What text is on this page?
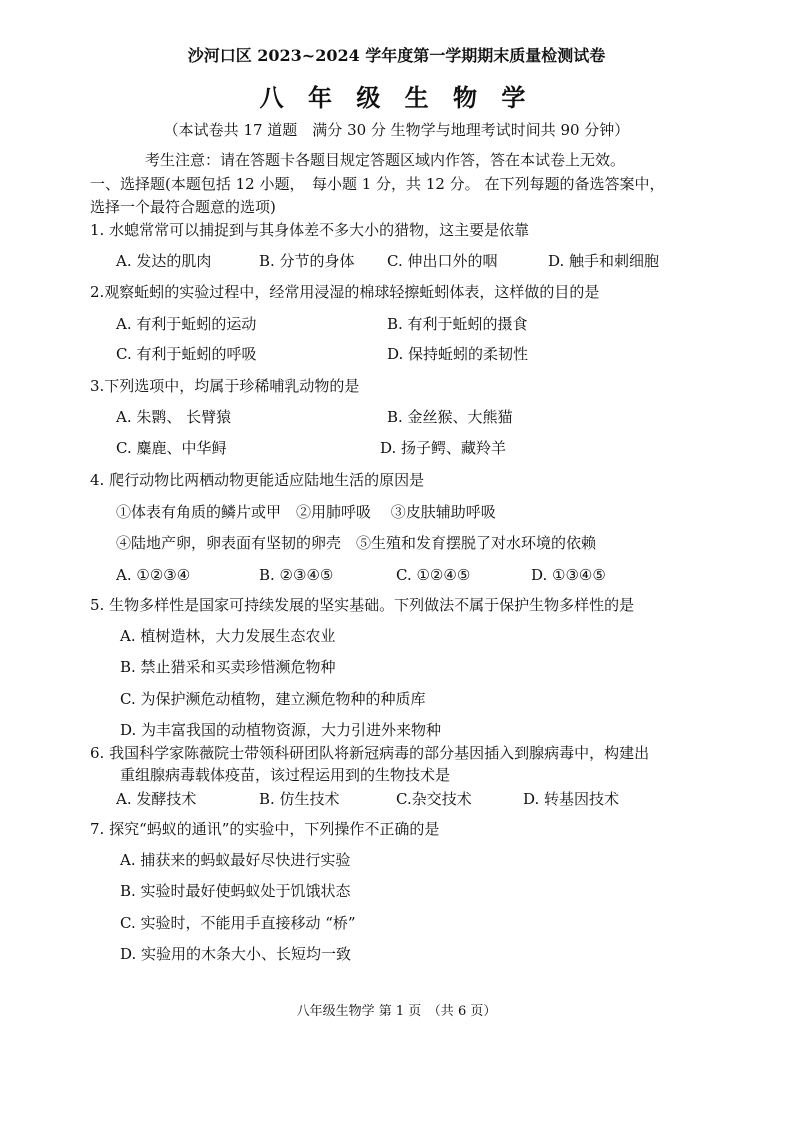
沙河口区 2023~2024 学年度第一学期期末质量检测试卷
八 年 级 生 物 学
（本试卷共 17 道题　满分 30 分 生物学与地理考试时间共 90 分钟）
考生注意：请在答题卡各题目规定答题区域内作答，答在本试卷上无效。
一、选择题(本题包括 12 小题，　每小题 1 分，共 12 分。 在下列每题的备选答案中，
选择一个最符合题意的选项)
1. 水螅常常可以捕捉到与其身体差不多大小的猎物，这主要是依靠
A. 发达的肌肉	B. 分节的身体 C. 伸出口外的咽	D. 触手和刺细胞
2.观察蚯蚓的实验过程中，经常用浸湿的棉球轻擦蚯蚓体表，这样做的目的是
A. 有利于蚯蚓的运动	B. 有利于蚯蚓的摄食
C. 有利于蚯蚓的呼吸	D. 保持蚯蚓的柔韧性
3.下列选项中，均属于珍稀哺乳动物的是
A. 朱鹮、 长臂猿	B. 金丝猴、大熊猫
C. 麋鹿、中华鲟	D. 扬子鳄、藏羚羊
4. 爬行动物比两栖动物更能适应陆地生活的原因是
①体表有角质的鳞片或甲　②用肺呼吸　 ③皮肤辅助呼吸
④陆地产卵，卵表面有坚韧的卵壳　⑤生殖和发育摆脱了对水环境的依赖
A. ①②③④	B. ②③④⑤	C. ①②④⑤	D. ①③④⑤
5. 生物多样性是国家可持续发展的坚实基础。下列做法不属于保护生物多样性的是
A. 植树造林，大力发展生态农业
B. 禁止猎采和买卖珍惜濒危物种
C. 为保护濒危动植物，建立濒危物种的种质库
D. 为丰富我国的动植物资源，大力引进外来物种
6. 我国科学家陈薇院士带领科研团队将新冠病毒的部分基因插入到腺病毒中，构建出
重组腺病毒载体疫苗，该过程运用到的生物技术是
A. 发酵技术	B. 仿生技术	C.杂交技术	D. 转基因技术
7. 探究“蚂蚁的通讯”的实验中，下列操作不正确的是
A. 捕获来的蚂蚁最好尽快进行实验
B. 实验时最好使蚂蚁处于饥饿状态
C. 实验时，不能用手直接移动 “桥”
D. 实验用的木条大小、长短均一致
八年级生物学 第 1 页　（共 6 页）
